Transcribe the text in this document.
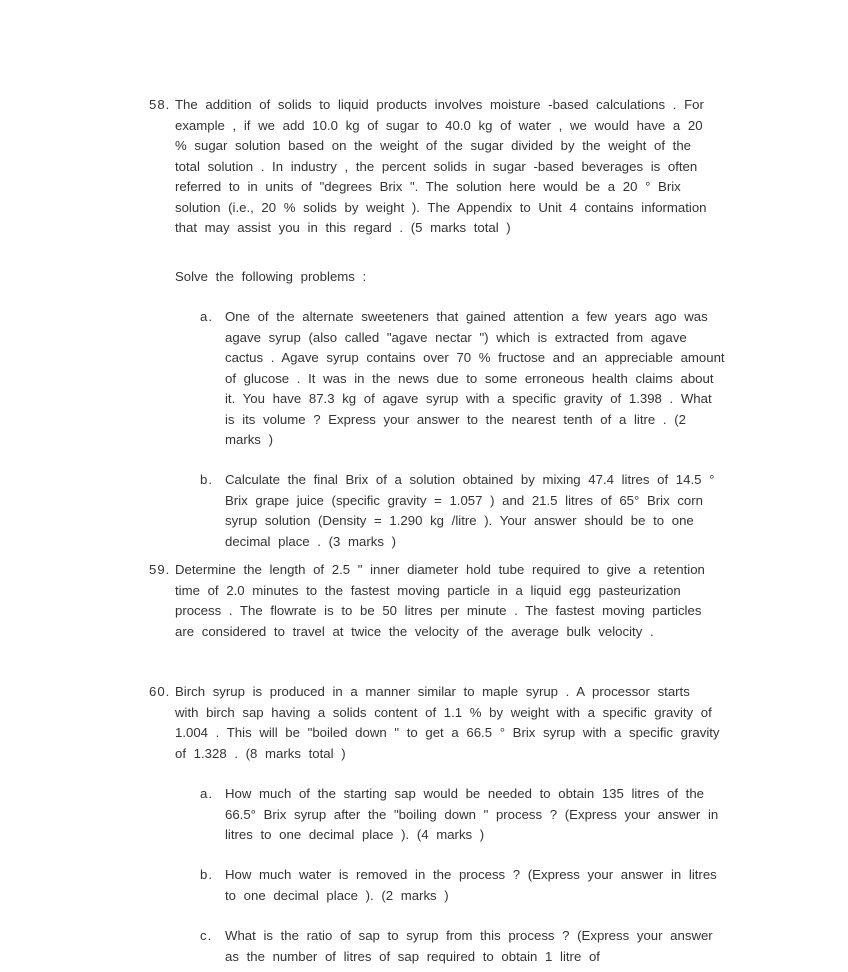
58. The addition of solids to liquid products involves moisture -based calculations . For example , if we add 10.0 kg of sugar to 40.0 kg of water , we would have a 20 % sugar solution based on the weight of the sugar divided by the weight of the total solution . In industry , the percent solids in sugar -based beverages is often referred to in units of "degrees Brix ". The solution here would be a 20 ° Brix solution (i.e., 20 % solids by weight ). The Appendix to Unit 4 contains information that may assist you in this regard . (5 marks total )

Solve the following problems :
a. One of the alternate sweeteners that gained attention a few years ago was agave syrup (also called "agave nectar ") which is extracted from agave cactus . Agave syrup contains over 70 % fructose and an appreciable amount of glucose . It was in the news due to some erroneous health claims about it. You have 87.3 kg of agave syrup with a specific gravity of 1.398 . What is its volume ? Express your answer to the nearest tenth of a litre . (2 marks )

b. Calculate the final Brix of a solution obtained by mixing 47.4 litres of 14.5 ° Brix grape juice (specific gravity = 1.057 ) and 21.5 litres of 65° Brix corn syrup solution (Density = 1.290 kg /litre ). Your answer should be to one decimal place . (3 marks )

59. Determine the length of 2.5 " inner diameter hold tube required to give a retention time of 2.0 minutes to the fastest moving particle in a liquid egg pasteurization process . The flowrate is to be 50 litres per minute . The fastest moving particles are considered to travel at twice the velocity of the average bulk velocity .

60. Birch syrup is produced in a manner similar to maple syrup . A processor starts with birch sap having a solids content of 1.1 % by weight with a specific gravity of 1.004 . This will be "boiled down " to get a 66.5 ° Brix syrup with a specific gravity of 1.328 . (8 marks total )

a. How much of the starting sap would be needed to obtain 135 litres of the 66.5° Brix syrup after the "boiling down " process ? (Express your answer in litres to one decimal place ). (4 marks )

b. How much water is removed in the process ? (Express your answer in litres to one decimal place ). (2 marks )

c. What is the ratio of sap to syrup from this process ? (Express your answer as the number of litres of sap required to obtain 1 litre of
